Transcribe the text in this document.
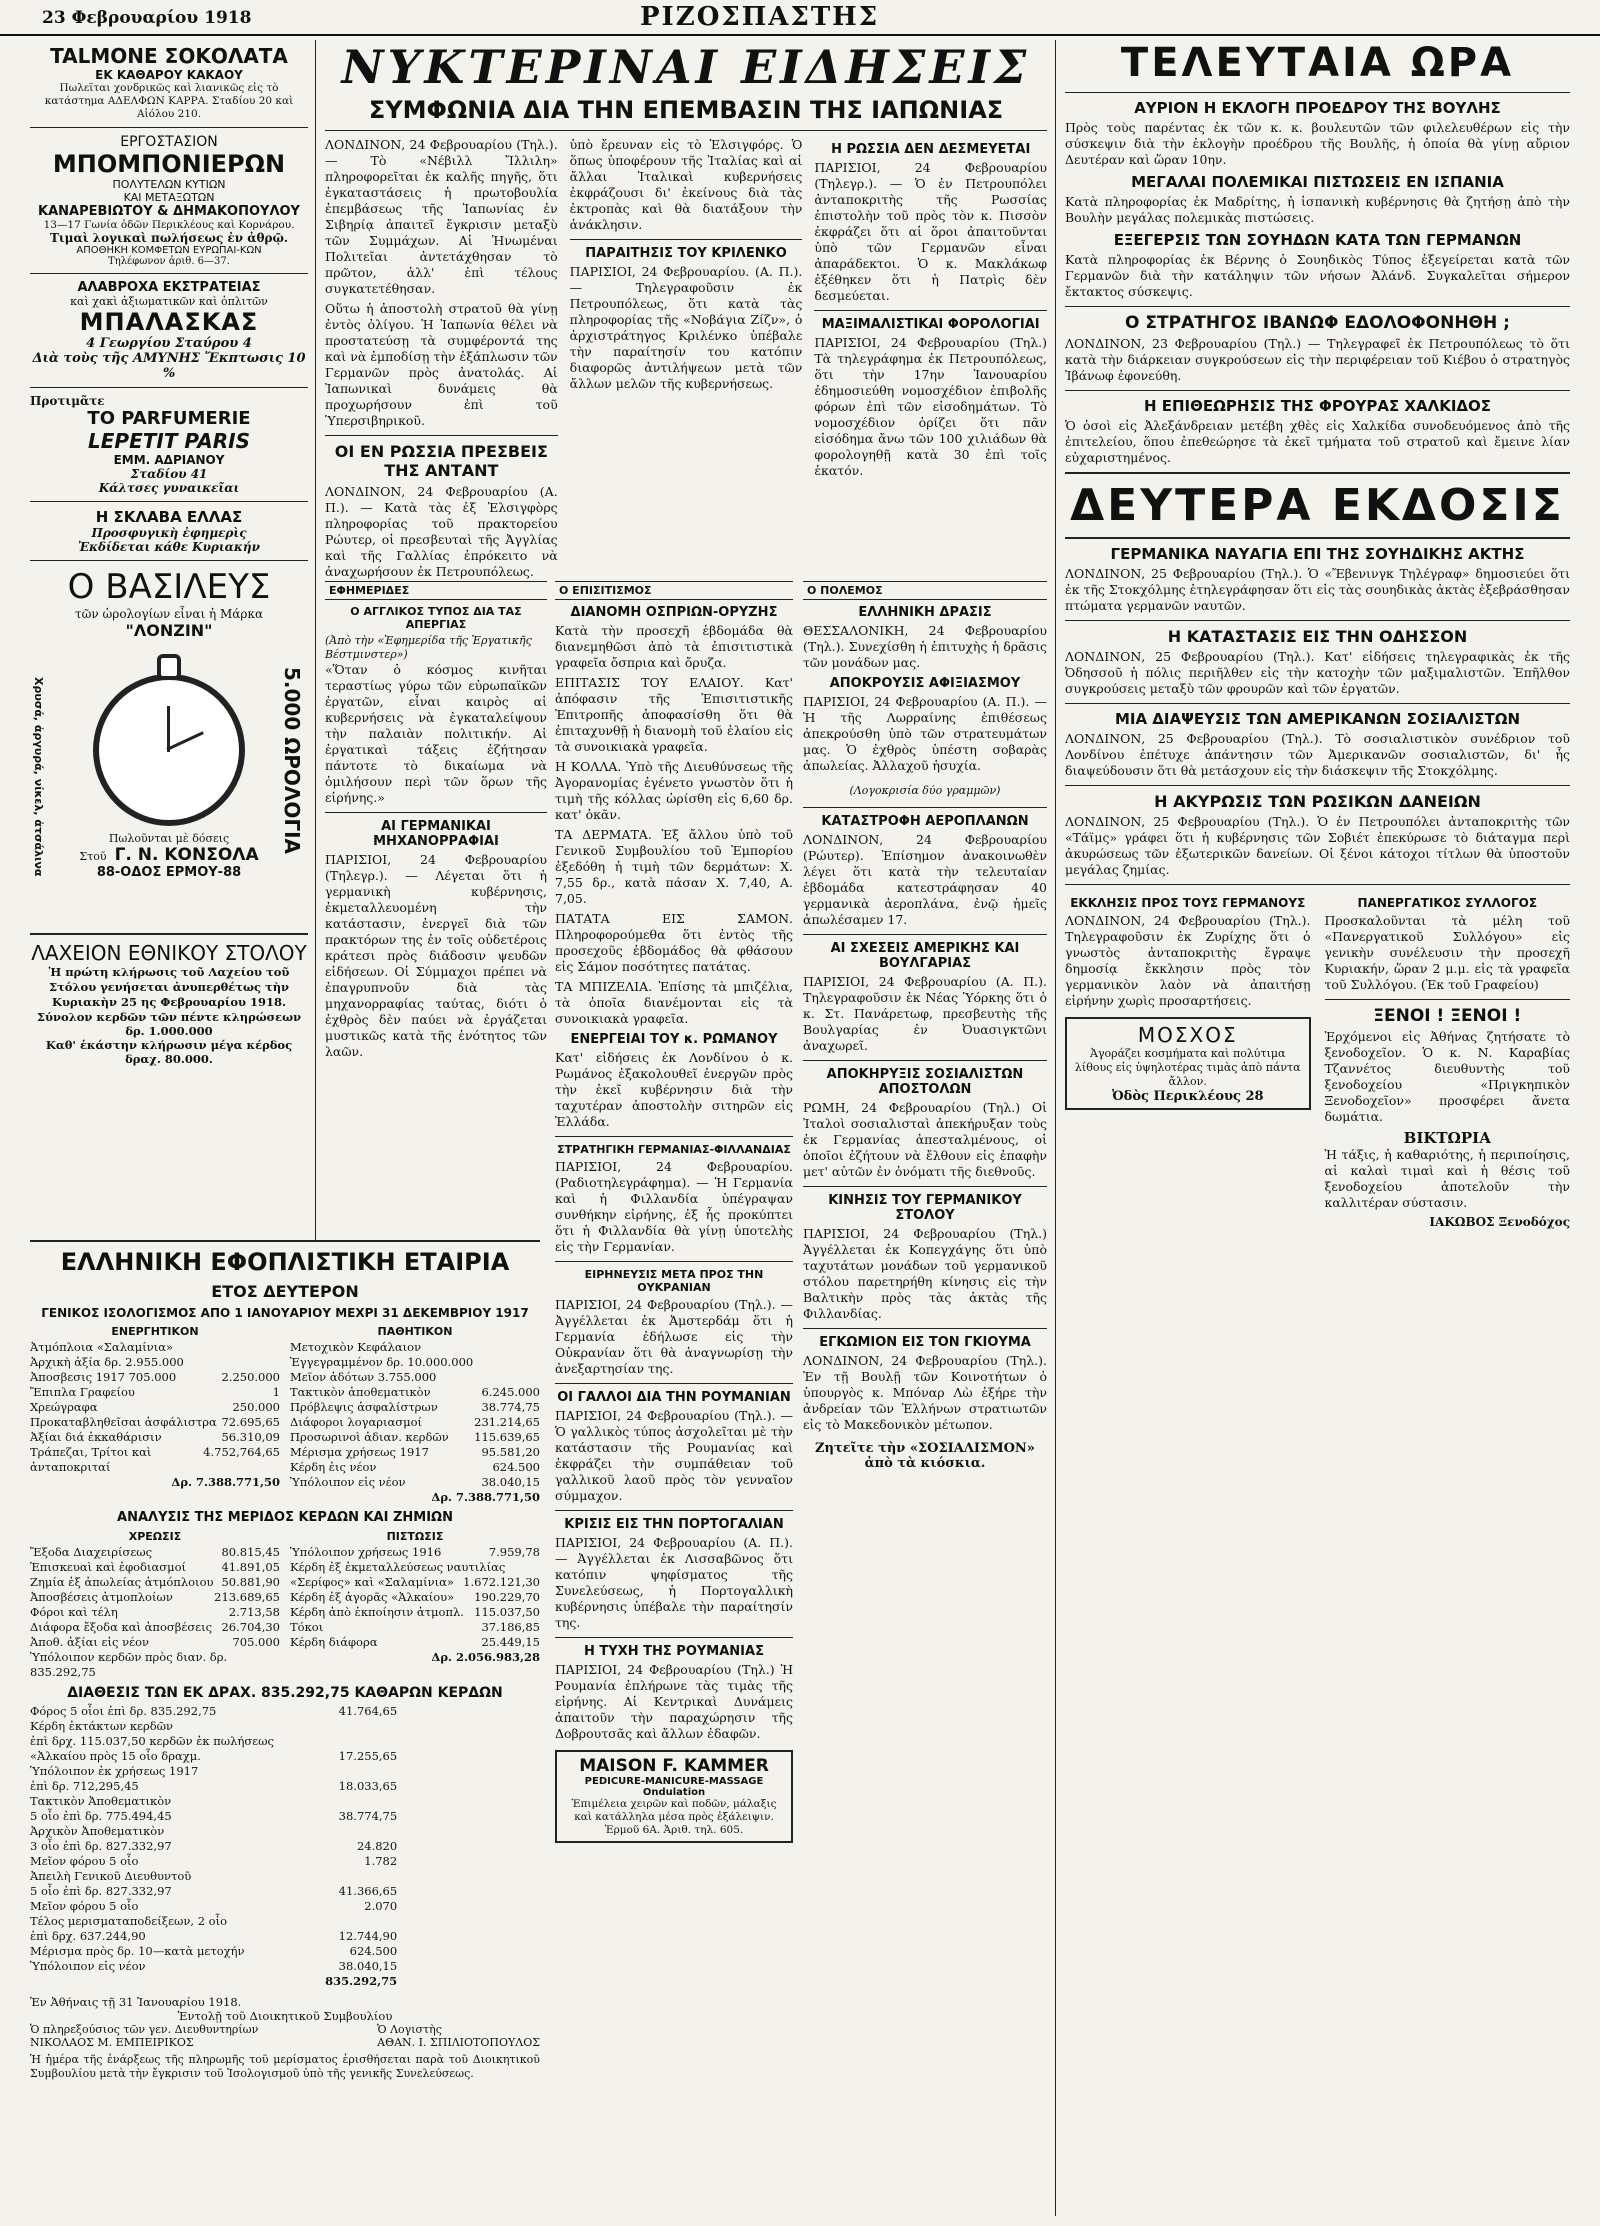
23 Φεβρουαρίου 1918	ΡΙΖΟΣΠΑΣΤΗΣ
TALMONE ΣΟΚΟΛΑΤΑ
ΕΚ ΚΑΘΑΡΟΥ ΚΑΚΑΟΥ
Πωλεῖται χονδρικῶς καὶ λιανικῶς εἰς τὸ κατάστημα ΑΔΕΛΦΩΝ ΚΑΡΡΑ. Σταδίου 20 καὶ Αἰόλου 210.
ΕΡΓΟΣΤΑΣΙΟΝ
ΜΠΟΜΠΟΝΙΕΡΩΝ
ΠΟΛΥΤΕΛΩΝ ΚΥΤΙΩΝ
ΚΑΙ ΜΕΤΑΞΩΤΩΝ
ΚΑΝΑΡΕΒΙΩΤΟΥ & ΔΗΜΑΚΟΠΟΥΛΟΥ
13—17 Γωνία ὁδῶν Περικλέους καὶ Κορνάρου.
Τιμαὶ λογικαὶ πωλήσεως ἐν ἀθρῷ.
ΑΠΟΘΗΚΗ ΚΟΜΦΕΤΩΝ ΕΥΡΩΠΑΙ-ΚΩΝ
Τηλέφωνον ἀριθ. 6—37.
ΑΛΑΒΡΟΧΑ ΕΚΣΤΡΑΤΕΙΑΣ
καὶ χακὶ ἀξιωματικῶν καὶ ὁπλιτῶν
ΜΠΑΛΑΣΚΑΣ
4 Γεωργίου Σταύρου 4
Διὰ τοὺς τῆς ΑΜΥΝΗΣ Ἔκπτωσις 10 %
Προτιμᾶτε
ΤΟ PARFUMERIE
LEPETIT PARIS
EMM. ΑΔΡΙΑΝΟΥ
Σταδίου 41
Κάλτσες γυναικεῖαι
Η ΣΚΛΑΒΑ ΕΛΛΑΣ
Προσφυγικὴ ἐφημερὶς
Ἐκδίδεται κάθε Κυριακήν
Ο ΒΑΣΙΛΕΥΣ
τῶν ὡρολογίων εἶναι ἡ Μάρκα
"ΛΟΝΖΙΝ"
Χρυσά, ἀργυρά, νίκελ, ἀτσάλινα	5.000 ΩΡΟΛΟΓΙΑ
Πωλοῦνται μὲ δόσεις
Στοῦ Γ. Ν. ΚΟΝΣΟΛΑ
88-ΟΔΟΣ ΕΡΜΟΥ-88
ΛΑΧΕΙΟΝ ΕΘΝΙΚΟΥ ΣΤΟΛΟΥ
Ἡ πρώτη κλήρωσις τοῦ Λαχείου τοῦ Στόλου γενήσεται ἀνυπερθέτως τὴν Κυριακὴν 25 ης Φεβρουαρίου 1918.
Σύνολον κερδῶν τῶν πέντε κληρώσεων δρ. 1.000.000
Καθ' ἑκάστην κλήρωσιν μέγα κέρδος δραχ. 80.000.
ΕΛΛΗΝΙΚΗ ΕΦΟΠΛΙΣΤΙΚΗ ΕΤΑΙΡΙΑ
ΕΤΟΣ ΔΕΥΤΕΡΟΝ
ΓΕΝΙΚΟΣ ΙΣΟΛΟΓΙΣΜΟΣ ΑΠΟ 1 ΙΑΝΟΥΑΡΙΟΥ ΜΕΧΡΙ 31 ΔΕΚΕΜΒΡΙΟΥ 1917
ΕΝΕΡΓΗΤΙΚΟΝ
Ἀτμόπλοια «Σαλαμίνια»
Ἀρχικὴ ἀξία δρ. 2.955.000
Ἀποσβεσις 1917 705.000	2.250.000
Ἔπιπλα Γραφείου	1
Χρεώγραφα	250.000
Προκαταβληθεῖσαι ἀσφάλιστρα 72.695,65
Ἀξίαι διά ἐκκαθάρισιν	56.310,09
Τράπεζαι, Τρίτοι καὶ ἀνταποκριταί
4.752,764,65
Δρ. 7.388.771,50
ΠΑΘΗΤΙΚΟΝ
Μετοχικὸν Κεφάλαιον
Ἐγγεγραμμένον δρ. 10.000.000
Μεῖον ἀδότων 3.755.000
Τακτικὸν ἀποθεματικὸν	6.245.000
Πρόβλεψις ἀσφαλίστρων	38.774,75
Διάφοροι λογαριασμοί	231.214,65
Προσωρινοὶ ἀδιαν. κερδῶν 115.639,65
Μέρισμα χρήσεως 1917	95.581,20
Κέρδη ἐις νέον	624.500
Ὑπόλοιπον εἰς νέον	38.040,15
Δρ. 7.388.771,50
ΑΝΑΛΥΣΙΣ ΤΗΣ ΜΕΡΙΔΟΣ ΚΕΡΔΩΝ ΚΑΙ ΖΗΜΙΩΝ
ΧΡΕΩΣΙΣ
Ἔξοδα Διαχειρίσεως	80.815,45
Ἐπισκευαὶ καὶ ἐφοδιασμοί	41.891,05
Ζημία ἐξ ἀπωλείας ἀτμόπλοιου 50.881,90
Ἀποσβέσεις ἀτμοπλοίων	213.689,65
Φόροι καὶ τέλη	2.713,58
Διάφορα ἔξοδα καὶ ἀποσβέσεις 26.704,30
Ἀποθ. ἀξίαι εἰς νέον	705.000
Ὑπόλοιπον κερδῶν πρὸς διαν. δρ. 835.292,75
ΠΙΣΤΩΣΙΣ
Ὑπόλοιπον χρήσεως 1916	7.959,78
Κέρδη ἐξ ἐκμεταλλεύσεως ναυτιλίας
«Σερίφος» καὶ «Σαλαμίνια» 1.672.121,30
Κέρδη ἐξ ἀγορᾶς «Ἀλκαίου» 190.229,70
Κέρδη ἀπὸ ἐκποίησιν ἀτμοπλ. 115.037,50
Τόκοι	37.186,85
Κέρδη διάφορα	25.449,15
Δρ. 2.056.983,28
ΔΙΑΘΕΣΙΣ ΤΩΝ ΕΚ ΔΡΑΧ. 835.292,75 ΚΑΘΑΡΩΝ ΚΕΡΔΩΝ
Φόρος 5 οἷοι ἐπὶ δρ. 835.292,75	41.764,65
Κέρδη ἐκτάκτων κερδῶν
ἐπὶ δρχ. 115.037,50 κερδῶν ἐκ πωλήσεως
«Ἀλκαίου πρὸς 15 οἷο δραχμ.	17.255,65
Ὑπόλοιπον ἐκ χρήσεως 1917
ἐπὶ δρ. 712,295,45	18.033,65
Τακτικὸν Ἀποθεματικὸν
5 οἷο ἐπὶ δρ. 775.494,45	38.774,75
Ἀρχικὸν Ἀποθεματικὸν
3 οἷο ἐπὶ δρ. 827.332,97	24.820
Μεῖον φόρου 5 οἷο	1.782
Ἀπειλὴ Γενικοῦ Διευθυντοῦ
5 οἷο ἐπὶ δρ. 827.332,97	41.366,65
Μεῖον φόρου 5 οἷο	2.070
Τέλος μερισματαποδείξεων, 2 οἷο
ἐπὶ δρχ. 637.244,90	12.744,90
Μέρισμα πρὸς δρ. 10—κατὰ μετοχήν	624.500
Ὑπόλοιπον εἰς νέον	38.040,15
835.292,75
Ἐν Ἀθήναις τῇ 31 Ἰανουαρίου 1918.
Ἐντολῇ τοῦ Διοικητικοῦ Συμβουλίου
Ὁ πληρεξούσιος τῶν γεν. Διευθυντηρίων
ΝΙΚΟΛΑΟΣ Μ. ΕΜΠΕΙΡΙΚΟΣ
Ὁ Λογιστὴς
ΑΘΑΝ. Ι. ΣΠΙΛΙΟΤΟΠΟΥΛΟΣ
Ἡ ἡμέρα τῆς ἐνάρξεως τῆς πληρωμῆς τοῦ μερίσματος ἐρισθήσεται παρὰ τοῦ Διοικητικοῦ Συμβουλίου μετὰ τὴν ἔγκρισιν τοῦ Ἰσολογισμοῦ ὑπὸ τῆς γενικῆς Συνελεύσεως.
ΝΥΚΤΕΡΙΝΑΙ ΕΙΔΗΣΕΙΣ
ΣΥΜΦΩΝΙΑ ΔΙΑ ΤΗΝ ΕΠΕΜΒΑΣΙΝ ΤΗΣ ΙΑΠΩΝΙΑΣ

ΛΟΝΔΙΝΟΝ, 24 Φεβρουαρίου (Τηλ.). — Τὸ «Νέβιλλ Ἴλλιλη» πληροφορεῖται ἐκ καλῆς πηγῆς, ὅτι ἐγκαταστάσεις ἡ πρωτοβουλία ἐπεμβάσεως τῆς Ἰαπωνίας ἐν Σιβηρίᾳ ἀπαιτεῖ ἔγκρισιν μεταξὺ τῶν Συμμάχων. Αἱ Ἡνωμέναι Πολιτεῖαι ἀντετάχθησαν τὸ πρῶτον, ἀλλ' ἐπὶ τέλους συγκατετέθησαν.

Οὕτω ἡ ἀποστολὴ στρατοῦ θὰ γίνῃ ἐντὸς ὀλίγου. Ἡ Ἰαπωνία θέλει νὰ προστατεύσῃ τὰ συμφέροντά της καὶ νὰ ἐμποδίσῃ τὴν ἐξάπλωσιν τῶν Γερμανῶν πρὸς ἀνατολάς. Αἱ Ἰαπωνικαὶ δυνάμεις θὰ προχωρήσουν ἐπὶ τοῦ Ὑπερσιβηρικοῦ.

ΟΙ ΕΝ ΡΩΣΣΙΑ ΠΡΕΣΒΕΙΣ ΤΗΣ ΑΝΤΑΝΤ

ΛΟΝΔΙΝΟΝ, 24 Φεβρουαρίου (Α. Π.). — Κατὰ τὰς ἐξ Ἑλσιγφὸρς πληροφορίας τοῦ πρακτορείου Ρώυτερ, οἱ πρεσβευταὶ τῆς Ἀγγλίας καὶ τῆς Γαλλίας ἐπρόκειτο νὰ ἀναχωρήσουν ἐκ Πετρουπόλεως.

ὑπὸ ἔρευναν εἰς τὸ Ἑλσιγφόρς. Ὁ ὅπως ὑποφέρουν τῆς Ἰταλίας καὶ αἱ ἄλλαι Ἰταλικαὶ κυβερνήσεις ἐκφράζουσι δι' ἐκείνους διὰ τὰς ἐκτροπὰς καὶ θὰ διατάξουν τὴν ἀνάκλησιν.

ΠΑΡΑΙΤΗΣΙΣ ΤΟΥ ΚΡΙΛΕΝΚΟ

ΠΑΡΙΣΙΟΙ, 24 Φεβρουαρίου. (Α. Π.). — Τηλεγραφοῦσιν ἐκ Πετρουπόλεως, ὅτι κατὰ τὰς πληροφορίας τῆς «Νοβάγια Ζίζν», ὁ ἀρχιστράτηγος Κριλένκο ὑπέβαλε τὴν παραίτησίν του κατόπιν διαφορῶς ἀντιλήψεων μετὰ τῶν ἄλλων μελῶν τῆς κυβερνήσεως.

Η ΡΩΣΣΙΑ ΔΕΝ ΔΕΣΜΕΥΕΤΑΙ

ΠΑΡΙΣΙΟΙ, 24 Φεβρουαρίου (Τηλεγρ.). — Ὁ ἐν Πετρουπόλει ἀνταποκριτὴς τῆς Ρωσσίας ἐπιστολὴν τοῦ πρὸς τὸν κ. Πισσὸν ἐκφράζει ὅτι αἱ ὅροι ἀπαιτοῦνται ὑπὸ τῶν Γερμανῶν εἶναι ἀπαράδεκτοι. Ὁ κ. Μακλάκωφ ἐξέθηκεν ὅτι ἡ Πατρὶς δὲν δεσμεύεται.

ΜΑΞΙΜΑΛΙΣΤΙΚΑΙ ΦΟΡΟΛΟΓΙΑΙ

ΠΑΡΙΣΙΟΙ, 24 Φεβρουαρίου (Τηλ.) Τὰ τηλεγράφημα ἐκ Πετρουπόλεως, ὅτι τὴν 17ην Ἰανουαρίου ἐδημοσιεύθη νομοσχέδιον ἐπιβολῆς φόρων ἐπὶ τῶν εἰσοδημάτων. Τὸ νομοσχέδιον ὁρίζει ὅτι πᾶν εἰσόδημα ἄνω τῶν 100 χιλιάδων θὰ φορολογηθῇ κατὰ 30 ἐπὶ τοῖς ἑκατόν.

ΕΦΗΜΕΡΙΔΕΣ
Ο ΑΓΓΛΙΚΟΣ ΤΥΠΟΣ ΔΙΑ ΤΑΣ ΑΠΕΡΓΙΑΣ
(Ἀπὸ τὴν «Ἐφημερίδα τῆς Ἐργατικῆς Βέστμινστερ»)

«Ὅταν ὁ κόσμος κινῆται τεραστίως γύρω τῶν εὐρωπαϊκῶν ἐργατῶν, εἶναι καιρὸς αἱ κυβερνήσεις νὰ ἐγκαταλείψουν τὴν παλαιὰν πολιτικήν. Αἱ ἐργατικαὶ τάξεις ἐζήτησαν πάντοτε τὸ δικαίωμα νὰ ὁμιλήσουν περὶ τῶν ὅρων τῆς εἰρήνης.»

ΑΙ ΓΕΡΜΑΝΙΚΑΙ ΜΗΧΑΝΟΡΡΑΦΙΑΙ

ΠΑΡΙΣΙΟΙ, 24 Φεβρουαρίου (Τηλεγρ.). — Λέγεται ὅτι ἡ γερμανικὴ κυβέρνησις, ἐκμεταλλευομένη τὴν κατάστασιν, ἐνεργεῖ διὰ τῶν πρακτόρων της ἐν τοῖς οὐδετέροις κράτεσι πρὸς διάδοσιν ψευδῶν εἰδήσεων. Οἱ Σύμμαχοι πρέπει νὰ ἐπαγρυπνοῦν διὰ τὰς μηχανορραφίας ταύτας, διότι ὁ ἐχθρὸς δὲν παύει νὰ ἐργάζεται μυστικῶς κατὰ τῆς ἑνότητος τῶν λαῶν.

Ο ΕΠΙΣΙΤΙΣΜΟΣ
ΔΙΑΝΟΜΗ ΟΣΠΡΙΩΝ-ΟΡΥΖΗΣ

Κατὰ τὴν προσεχῆ ἑβδομάδα θὰ διανεμηθῶσι ἀπὸ τὰ ἐπισιτιστικὰ γραφεῖα ὄσπρια καὶ ὄρυζα.

ΕΠΙΤΑΣΙΣ ΤΟΥ ΕΛΑΙΟΥ. Κατ' ἀπόφασιν τῆς Ἐπισιτιστικῆς Ἐπιτροπῆς ἀποφασίσθη ὅτι θὰ ἐπιταχυνθῇ ἡ διανομὴ τοῦ ἐλαίου εἰς τὰ συνοικιακὰ γραφεῖα.

Η ΚΟΛΛΑ. Ὑπὸ τῆς Διευθύνσεως τῆς Ἀγορανομίας ἐγένετο γνωστὸν ὅτι ἡ τιμὴ τῆς κόλλας ὡρίσθη εἰς 6,60 δρ. κατ' ὀκᾶν.

ΤΑ ΔΕΡΜΑΤΑ. Ἐξ ἄλλου ὑπὸ τοῦ Γενικοῦ Συμβουλίου τοῦ Ἐμπορίου ἐξεδόθη ἡ τιμὴ τῶν δερμάτων: Χ. 7,55 δρ., κατὰ πάσαν Χ. 7,40, Α. 7,05.

ΠΑΤΑΤΑ ΕΙΣ ΣΑΜΟΝ. Πληροφορούμεθα ὅτι ἐντὸς τῆς προσεχοῦς ἑβδομάδος θὰ φθάσουν εἰς Σάμον ποσότητες πατάτας.

ΤΑ ΜΠΙΖΕΛΙΑ. Ἐπίσης τὰ μπιζέλια, τὰ ὁποῖα διανέμονται εἰς τὰ συνοικιακὰ γραφεῖα.

ΕΝΕΡΓΕΙΑΙ ΤΟΥ κ. ΡΩΜΑΝΟΥ

Κατ' εἰδήσεις ἐκ Λονδίνου ὁ κ. Ρωμάνος ἐξακολουθεῖ ἐνεργῶν πρὸς τὴν ἐκεῖ κυβέρνησιν διὰ τὴν ταχυτέραν ἀποστολὴν σιτηρῶν εἰς Ἑλλάδα.

ΣΤΡΑΤΗΓΙΚΗ ΓΕΡΜΑΝΙΑΣ-ΦΙΛΛΑΝΔΙΑΣ

ΠΑΡΙΣΙΟΙ, 24 Φεβρουαρίου. (Ραδιοτηλεγράφημα). — Ἡ Γερμανία καὶ ἡ Φιλλανδία ὑπέγραψαν συνθήκην εἰρήνης, ἐξ ἧς προκύπτει ὅτι ἡ Φιλλανδία θὰ γίνῃ ὑποτελὴς εἰς τὴν Γερμανίαν.

ΕΙΡΗΝΕΥΣΙΣ ΜΕΤΑ ΠΡΟΣ ΤΗΝ ΟΥΚΡΑΝΙΑΝ

ΠΑΡΙΣΙΟΙ, 24 Φεβρουαρίου (Τηλ.). — Ἀγγέλλεται ἐκ Ἀμστερδάμ ὅτι ἡ Γερμανία ἐδήλωσε εἰς τὴν Οὐκρανίαν ὅτι θὰ ἀναγνωρίσῃ τὴν ἀνεξαρτησίαν της.

ΟΙ ΓΑΛΛΟΙ ΔΙΑ ΤΗΝ ΡΟΥΜΑΝΙΑΝ

ΠΑΡΙΣΙΟΙ, 24 Φεβρουαρίου (Τηλ.). — Ὁ γαλλικὸς τύπος ἀσχολεῖται μὲ τὴν κατάστασιν τῆς Ρουμανίας καὶ ἐκφράζει τὴν συμπάθειαν τοῦ γαλλικοῦ λαοῦ πρὸς τὸν γενναῖον σύμμαχον.

ΚΡΙΣΙΣ ΕΙΣ ΤΗΝ ΠΟΡΤΟΓΑΛΙΑΝ

ΠΑΡΙΣΙΟΙ, 24 Φεβρουαρίου (Α. Π.). — Ἀγγέλλεται ἐκ Λισσαβῶνος ὅτι κατόπιν ψηφίσματος τῆς Συνελεύσεως, ἡ Πορτογαλλικὴ κυβέρνησις ὑπέβαλε τὴν παραίτησίν της.

Η ΤΥΧΗ ΤΗΣ ΡΟΥΜΑΝΙΑΣ

ΠΑΡΙΣΙΟΙ, 24 Φεβρουαρίου (Τηλ.) Ἡ Ρουμανία ἐπλήρωνε τὰς τιμὰς τῆς εἰρήνης. Αἱ Κεντρικαὶ Δυνάμεις ἀπαιτοῦν τὴν παραχώρησιν τῆς Δοβρουτσᾶς καὶ ἄλλων ἐδαφῶν.

MAISON F. KAMMER
PEDICURE-MANICURE-MASSAGE Ondulation
Ἐπιμέλεια χειρῶν καὶ ποδῶν, μάλαξις καὶ κατάλληλα μέσα πρὸς ἐξάλειψιν. Ἑρμοῦ 6Α. Ἀριθ. τηλ. 605.
Ο ΠΟΛΕΜΟΣ
ΕΛΛΗΝΙΚΗ ΔΡΑΣΙΣ

ΘΕΣΣΑΛΟΝΙΚΗ, 24 Φεβρουαρίου (Τηλ.). Συνεχίσθη ἡ ἐπιτυχὴς ἡ δρᾶσις τῶν μονάδων μας.

ΑΠΟΚΡΟΥΣΙΣ ΑΦΙΞΙΑΣΜΟΥ

ΠΑΡΙΣΙΟΙ, 24 Φεβρουαρίου (Α. Π.). — Ἡ τῆς Λωρραίνης ἐπιθέσεως ἀπεκρούσθη ὑπὸ τῶν στρατευμάτων μας. Ὁ ἐχθρὸς ὑπέστη σοβαρὰς ἀπωλείας. Ἀλλαχοῦ ἡσυχία.

(Λογοκρισία δύο γραμμῶν)
ΚΑΤΑΣΤΡΟΦΗ ΑΕΡΟΠΛΑΝΩΝ

ΛΟΝΔΙΝΟΝ, 24 Φεβρουαρίου (Ρώυτερ). Ἐπίσημον ἀνακοινωθὲν λέγει ὅτι κατὰ τὴν τελευταίαν ἑβδομάδα κατεστράφησαν 40 γερμανικὰ ἀεροπλάνα, ἐνῷ ἡμεῖς ἀπωλέσαμεν 17.

ΑΙ ΣΧΕΣΕΙΣ ΑΜΕΡΙΚΗΣ ΚΑΙ ΒΟΥΛΓΑΡΙΑΣ

ΠΑΡΙΣΙΟΙ, 24 Φεβρουαρίου (Α. Π.). Τηλεγραφοῦσιν ἐκ Νέας Ὑόρκης ὅτι ὁ κ. Στ. Πανάρετωφ, πρεσβευτὴς τῆς Βουλγαρίας ἐν Ὀυασιγκτῶνι ἀναχωρεῖ.

ΑΠΟΚΗΡΥΞΙΣ ΣΟΣΙΑΛΙΣΤΩΝ ΑΠΟΣΤΟΛΩΝ

ΡΩΜΗ, 24 Φεβρουαρίου (Τηλ.) Οἱ Ἰταλοὶ σοσιαλισταὶ ἀπεκήρυξαν τοὺς ἐκ Γερμανίας ἀπεσταλμένους, οἱ ὁποῖοι ἐζήτουν νὰ ἔλθουν εἰς ἐπαφὴν μετ' αὐτῶν ἐν ὀνόματι τῆς διεθνοῦς.

ΚΙΝΗΣΙΣ ΤΟΥ ΓΕΡΜΑΝΙΚΟΥ ΣΤΟΛΟΥ

ΠΑΡΙΣΙΟΙ, 24 Φεβρουαρίου (Τηλ.) Ἀγγέλλεται ἐκ Κοπεγχάγης ὅτι ὑπὸ ταχυτάτων μονάδων τοῦ γερμανικοῦ στόλου παρετηρήθη κίνησις εἰς τὴν Βαλτικὴν πρὸς τὰς ἀκτὰς τῆς Φιλλανδίας.

ΕΓΚΩΜΙΟΝ ΕΙΣ ΤΟΝ ΓΚΙΟΥΜΑ

ΛΟΝΔΙΝΟΝ, 24 Φεβρουαρίου (Τηλ.). Ἐν τῇ Βουλῇ τῶν Κοινοτήτων ὁ ὑπουργὸς κ. Μπόναρ Λὼ ἐξήρε τὴν ἀνδρείαν τῶν Ἑλλήνων στρατιωτῶν εἰς τὸ Μακεδονικὸν μέτωπον.

Ζητεῖτε τὴν «ΣΟΣΙΑΛΙΣΜΟΝ» ἀπὸ τὰ κιόσκια.
ΤΕΛΕΥΤΑΙΑ ΩΡΑ
ΑΥΡΙΟΝ Η ΕΚΛΟΓΗ ΠΡΟΕΔΡΟΥ ΤΗΣ ΒΟΥΛΗΣ

Πρὸς τοὺς παρέντας ἐκ τῶν κ. κ. βουλευτῶν τῶν φιλελευθέρων εἰς τὴν σύσκεψιν διὰ τὴν ἐκλογὴν προέδρου τῆς Βουλῆς, ἡ ὁποία θὰ γίνῃ αὔριον Δευτέραν καὶ ὥραν 10ην.

ΜΕΓΑΛΑΙ ΠΟΛΕΜΙΚΑΙ ΠΙΣΤΩΣΕΙΣ ΕΝ ΙΣΠΑΝΙΑ

Κατὰ πληροφορίας ἐκ Μαδρίτης, ἡ ἱσπανικὴ κυβέρνησις θὰ ζητήσῃ ἀπὸ τὴν Βουλὴν μεγάλας πολεμικὰς πιστώσεις.

ΕΞΕΓΕΡΣΙΣ ΤΩΝ ΣΟΥΗΔΩΝ ΚΑΤΑ ΤΩΝ ΓΕΡΜΑΝΩΝ

Κατὰ πληροφορίας ἐκ Βέρνης ὁ Σουηδικὸς Τύπος ἐξεγείρεται κατὰ τῶν Γερμανῶν διὰ τὴν κατάληψιν τῶν νήσων Ἀλάνδ. Συγκαλεῖται σήμερον ἔκτακτος σύσκεψις.

Ο ΣΤΡΑΤΗΓΟΣ ΙΒΑΝΩΦ ΕΔΟΛΟΦΟΝΗΘΗ ;

ΛΟΝΔΙΝΟΝ, 23 Φεβρουαρίου (Τηλ.) — Τηλεγραφεῖ ἐκ Πετρουπόλεως τὸ ὅτι κατὰ τὴν διάρκειαν συγκρούσεων εἰς τὴν περιφέρειαν τοῦ Κιέβου ὁ στρατηγὸς Ἰβάνωφ ἐφονεύθη.

Η ΕΠΙΘΕΩΡΗΣΙΣ ΤΗΣ ΦΡΟΥΡΑΣ ΧΑΛΚΙΔΟΣ

Ὁ ὁσοὶ εἰς Ἀλεξάνδρειαν μετέβη χθὲς εἰς Χαλκίδα συνοδευόμενος ἀπὸ τῆς ἐπιτελείου, ὅπου ἐπεθεώρησε τὰ ἐκεῖ τμήματα τοῦ στρατοῦ καὶ ἔμεινε λίαν εὐχαριστημένος.

ΔΕΥΤΕΡΑ ΕΚΔΟΣΙΣ
ΓΕΡΜΑΝΙΚΑ ΝΑΥΑΓΙΑ ΕΠΙ ΤΗΣ ΣΟΥΗΔΙΚΗΣ ΑΚΤΗΣ

ΛΟΝΔΙΝΟΝ, 25 Φεβρουαρίου (Τηλ.). Ὁ «Ἔβενινγκ Τηλέγραφ» δημοσιεύει ὅτι ἐκ τῆς Στοκχόλμης ἐτηλεγράφησαν ὅτι εἰς τὰς σουηδικὰς ἀκτὰς ἐξεβράσθησαν πτώματα γερμανῶν ναυτῶν.

Η ΚΑΤΑΣΤΑΣΙΣ ΕΙΣ ΤΗΝ ΟΔΗΣΣΟΝ

ΛΟΝΔΙΝΟΝ, 25 Φεβρουαρίου (Τηλ.). Κατ' εἰδήσεις τηλεγραφικὰς ἐκ τῆς Ὀδησσοῦ ἡ πόλις περιῆλθεν εἰς τὴν κατοχὴν τῶν μαξιμαλιστῶν. Ἐπῆλθον συγκρούσεις μεταξὺ τῶν φρουρῶν καὶ τῶν ἐργατῶν.

ΜΙΑ ΔΙΑΨΕΥΣΙΣ ΤΩΝ ΑΜΕΡΙΚΑΝΩΝ ΣΟΣΙΑΛΙΣΤΩΝ

ΛΟΝΔΙΝΟΝ, 25 Φεβρουαρίου (Τηλ.). Τὸ σοσιαλιστικὸν συνέδριον τοῦ Λονδίνου ἐπέτυχε ἀπάντησιν τῶν Ἀμερικανῶν σοσιαλιστῶν, δι' ἧς διαψεύδουσιν ὅτι θὰ μετάσχουν εἰς τὴν διάσκεψιν τῆς Στοκχόλμης.

Η ΑΚΥΡΩΣΙΣ ΤΩΝ ΡΩΣΙΚΩΝ ΔΑΝΕΙΩΝ

ΛΟΝΔΙΝΟΝ, 25 Φεβρουαρίου (Τηλ.). Ὁ ἐν Πετρουπόλει ἀνταποκριτὴς τῶν «Τάϊμς» γράφει ὅτι ἡ κυβέρνησις τῶν Σοβιέτ ἐπεκύρωσε τὸ διάταγμα περὶ ἀκυρώσεως τῶν ἐξωτερικῶν δανείων. Οἱ ξένοι κάτοχοι τίτλων θὰ ὑποστοῦν μεγάλας ζημίας.

ΕΚΚΛΗΣΙΣ ΠΡΟΣ ΤΟΥΣ ΓΕΡΜΑΝΟΥΣ

ΛΟΝΔΙΝΟΝ, 24 Φεβρουαρίου (Τηλ.). Τηλεγραφοῦσιν ἐκ Ζυρίχης ὅτι ὁ γνωστὸς ἀνταποκριτὴς ἔγραψε δημοσίᾳ ἔκκλησιν πρὸς τὸν γερμανικὸν λαὸν νὰ ἀπαιτήσῃ εἰρήνην χωρὶς προσαρτήσεις.

ΜΟΣΧΟΣ
Ἀγοράζει κοσμήματα καὶ πολύτιμα λίθους εἰς ὑψηλοτέρας τιμὰς ἀπὸ πάντα ἄλλον.
Ὀδὸς Περικλέους 28
ΠΑΝΕΡΓΑΤΙΚΟΣ ΣΥΛΛΟΓΟΣ

Προσκαλοῦνται τὰ μέλη τοῦ «Πανεργατικοῦ Συλλόγου» εἰς γενικὴν συνέλευσιν τὴν προσεχῆ Κυριακήν, ὥραν 2 μ.μ. εἰς τὰ γραφεῖα τοῦ Συλλόγου. (Ἐκ τοῦ Γραφείου)

ΞΕΝΟΙ ! ΞΕΝΟΙ !

Ἐρχόμενοι εἰς Ἀθήνας ζητήσατε τὸ ξενοδοχεῖον. Ὁ κ. Ν. Καραβίας Τζαννέτος διευθυντὴς τοῦ ξενοδοχείου «Πριγκηπικὸν Ξενοδοχεῖον» προσφέρει ἄνετα δωμάτια.

ΒΙΚΤΩΡΙΑ

Ἡ τάξις, ἡ καθαριότης, ἡ περιποίησις, αἱ καλαὶ τιμαὶ καὶ ἡ θέσις τοῦ ξενοδοχείου ἀποτελοῦν τὴν καλλιτέραν σύστασιν.

ΙΑΚΩΒΟΣ Ξενοδόχος
